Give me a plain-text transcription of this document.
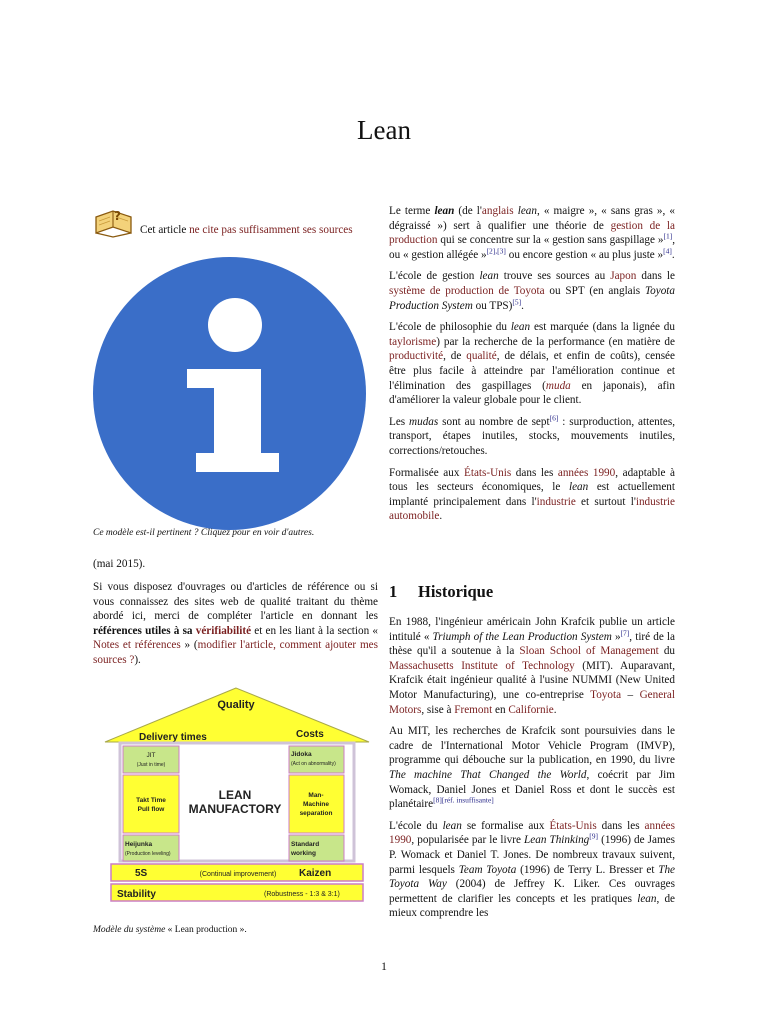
Lean
?
Cet article ne cite pas suffisamment ses sources
Ce modèle est-il pertinent ? Cliquez pour en voir d'autres.
(mai 2015).
Si vous disposez d'ouvrages ou d'articles de référence ou si vous connaissez des sites web de qualité traitant du thème abordé ici, merci de compléter l'article en donnant les références utiles à sa vérifiabilité et en les liant à la section « Notes et références » (modifier l'article, comment ajouter mes sources ?).
Quality
Delivery times	Costs
JIT
(Just in time)
Takt Time
Pull flow
Heijunka
(Production leveling)
LEAN
MANUFACTORY
Jidoka
(Act on abnormality)
Man-
Machine
separation
Standard
working
5S	(Continual improvement) Kaizen
Stability	(Robustness - 1:3 & 3:1)
Modèle du système « Lean production ».

Le terme lean (de l'anglais lean, « maigre », « sans gras », « dégraissé ») sert à qualifier une théorie de gestion de la production qui se concentre sur la « gestion sans gaspillage »[1], ou « gestion allégée »[2],[3] ou encore gestion « au plus juste »[4].

L'école de gestion lean trouve ses sources au Japon dans le système de production de Toyota ou SPT (en anglais Toyota Production System ou TPS)[5].

L'école de philosophie du lean est marquée (dans la lignée du taylorisme) par la recherche de la performance (en matière de productivité, de qualité, de délais, et enfin de coûts), censée être plus facile à atteindre par l'amélioration continue et l'élimination des gaspillages (muda en japonais), afin d'améliorer la valeur globale pour le client.

Les mudas sont au nombre de sept[6] : surproduction, attentes, transport, étapes inutiles, stocks, mouvements inutiles, corrections/retouches.

Formalisée aux États-Unis dans les années 1990, adaptable à tous les secteurs économiques, le lean est actuellement implanté principalement dans l'industrie et surtout l'industrie automobile.

1 Historique

En 1988, l'ingénieur américain John Krafcik publie un article intitulé « Triumph of the Lean Production System »[7], tiré de la thèse qu'il a soutenue à la Sloan School of Management du Massachusetts Institute of Technology (MIT). Auparavant, Krafcik était ingénieur qualité à l'usine NUMMI (New United Motor Manufacturing), une co-entreprise Toyota – General Motors, sise à Fremont en Californie.

Au MIT, les recherches de Krafcik sont poursuivies dans le cadre de l'International Motor Vehicle Program (IMVP), programme qui débouche sur la publication, en 1990, du livre The machine That Changed the World, coécrit par Jim Womack, Daniel Jones et Daniel Ross et dont le succès est planétaire[8][réf. insuffisante]

L'école du lean se formalise aux États-Unis dans les années 1990, popularisée par le livre Lean Thinking[9] (1996) de James P. Womack et Daniel T. Jones. De nombreux travaux suivent, parmi lesquels Team Toyota (1996) de Terry L. Bresser et The Toyota Way (2004) de Jeffrey K. Liker. Ces ouvrages permettent de clarifier les concepts et les pratiques lean, de mieux comprendre les

1
